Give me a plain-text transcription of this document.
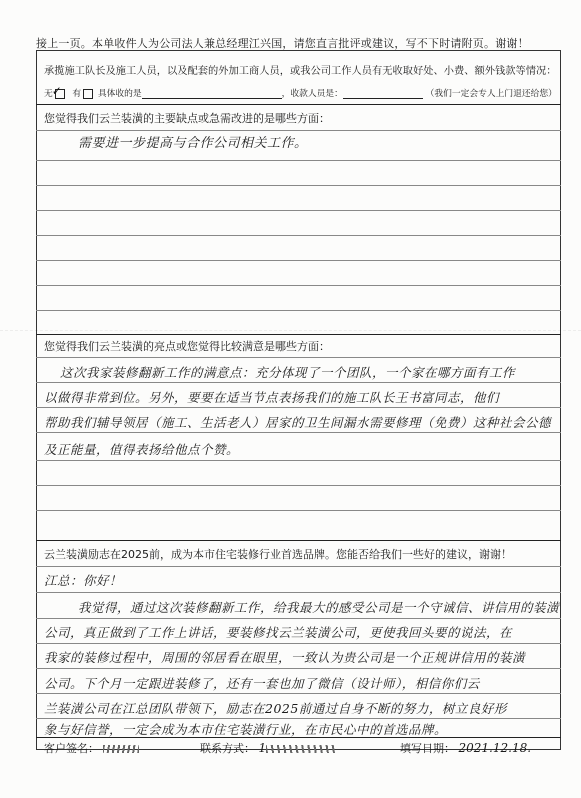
接上一页。本单收件人为公司法人兼总经理江兴国，请您直言批评或建议，写不下时请附页。谢谢！
承揽施工队长及施工人员，以及配套的外加工商人员，或我公司工作人员有无收取好处、小费、额外钱款等情况：
无 ✓ 有 具体收的是	，收款人员是：	（我们一定会专人上门退还给您）
您觉得我们云兰装潢的主要缺点或急需改进的是哪些方面：
需要进一步提高与合作公司相关工作。
您觉得我们云兰装潢的亮点或您觉得比较满意是哪些方面：
这次我家装修翻新工作的满意点：充分体现了一个团队，一个家在哪方面有工作
以做得非常到位。另外，要要在适当节点表扬我们的施工队长王书富同志，他们
帮助我们辅导领居（施工、生活老人）居家的卫生间漏水需要修理（免费）这种社会公德
及正能量，值得表扬给他点个赞。
云兰装潢励志在2025前，成为本市住宅装修行业首选品牌。您能否给我们一些好的建议，谢谢！
江总：你好！
我觉得，通过这次装修翻新工作，给我最大的感受公司是一个守诚信、讲信用的装潢
公司，真正做到了工作上讲话，要装修找云兰装潢公司，更使我回头要的说法，在
我家的装修过程中，周围的邻居看在眼里，一致认为贵公司是一个正规讲信用的装潢
公司。下个月一定跟进装修了，还有一套也加了微信（设计师），相信你们云
兰装潢公司在江总团队带领下，励志在2025前通过自身不断的努力，树立良好形
象与好信誉，一定会成为本市住宅装潢行业，在市民心中的首选品牌。
客户签名：	联系方式： 1	填写日期： 2021.12.18.
